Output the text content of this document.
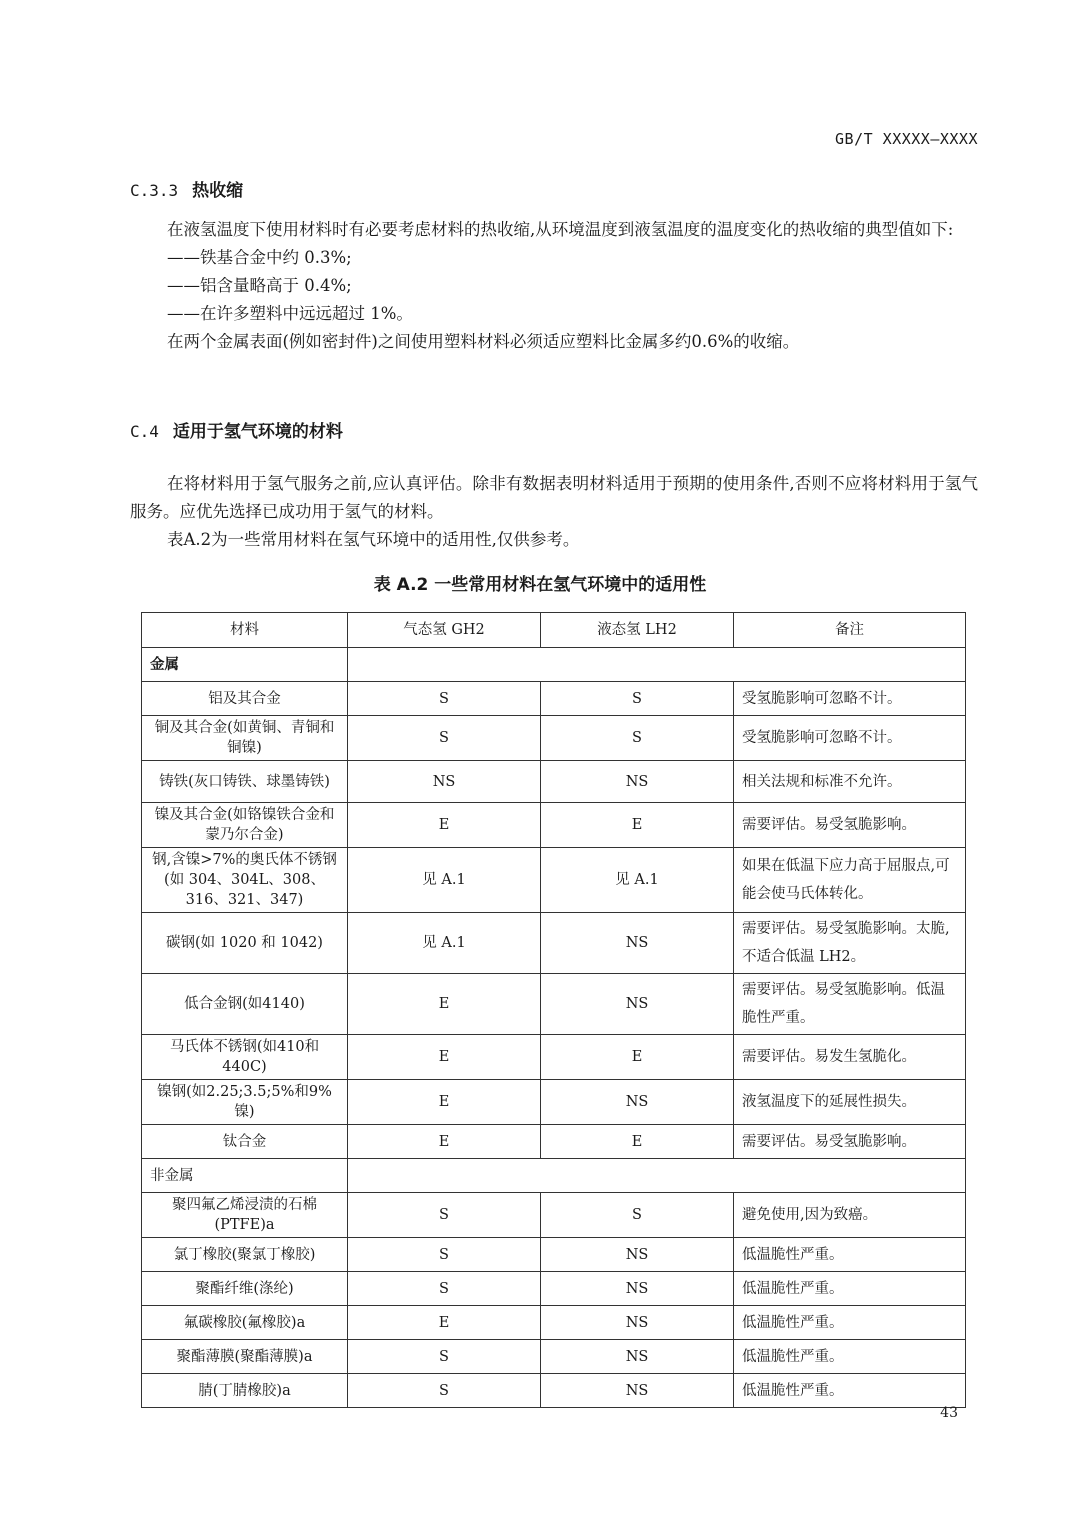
GB/T XXXXX—XXXX
C.3.3 热收缩

在液氢温度下使用材料时有必要考虑材料的热收缩,从环境温度到液氢温度的温度变化的热收缩的典型值如下:

——铁基合金中约 0.3%;

——铝含量略高于 0.4%;

——在许多塑料中远远超过 1%。

在两个金属表面(例如密封件)之间使用塑料材料必须适应塑料比金属多约0.6%的收缩。

C.4 适用于氢气环境的材料

在将材料用于氢气服务之前,应认真评估。除非有数据表明材料适用于预期的使用条件,否则不应将材料用于氢气服务。应优先选择已成功用于氢气的材料。

表A.2为一些常用材料在氢气环境中的适用性,仅供参考。

表 A.2 一些常用材料在氢气环境中的适用性
材料	气态氢 GH2	液态氢 LH2	备注
金属			
铝及其合金	S	S	受氢脆影响可忽略不计。
铜及其合金(如黄铜、青铜和铜镍)	S	S	受氢脆影响可忽略不计。
铸铁(灰口铸铁、球墨铸铁)	NS	NS	相关法规和标准不允许。
镍及其合金(如铬镍铁合金和蒙乃尔合金)	E	E	需要评估。易受氢脆影响。
钢,含镍>7%的奥氏体不锈钢(如 304、304L、308、316、321、347)	见 A.1	见 A.1	如果在低温下应力高于屈服点,可能会使马氏体转化。
碳钢(如 1020 和 1042)	见 A.1	NS	需要评估。易受氢脆影响。太脆,不适合低温 LH2。
低合金钢(如4140)	E	NS	需要评估。易受氢脆影响。低温脆性严重。
马氏体不锈钢(如410和440C)	E	E	需要评估。易发生氢脆化。
镍钢(如2.25;3.5;5%和9%镍)	E	NS	液氢温度下的延展性损失。
钛合金	E	E	需要评估。易受氢脆影响。
非金属			
聚四氟乙烯浸渍的石棉(PTFE)a	S	S	避免使用,因为致癌。
氯丁橡胶(聚氯丁橡胶)	S	NS	低温脆性严重。
聚酯纤维(涤纶)	S	NS	低温脆性严重。
氟碳橡胶(氟橡胶)a	E	NS	低温脆性严重。
聚酯薄膜(聚酯薄膜)a	S	NS	低温脆性严重。
腈(丁腈橡胶)a	S	NS	低温脆性严重。
43
